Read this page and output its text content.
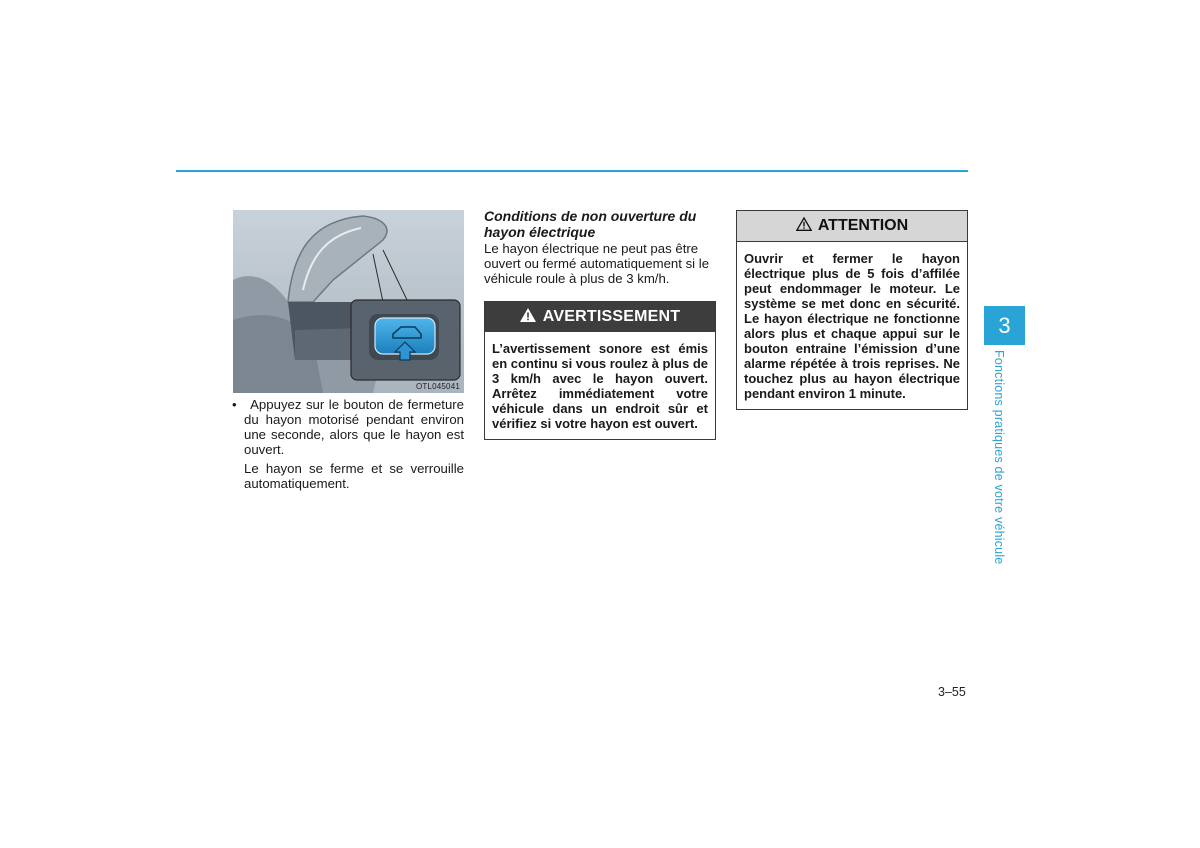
OTL045041

•   Appuyez sur le bouton de fermeture du hayon motorisé pendant environ une seconde, alors que le hayon est ouvert.

Le hayon se ferme et se verrouille automatiquement.

Conditions de non ouverture du hayon électrique

Le hayon électrique ne peut pas être ouvert ou fermé automatiquement si le véhicule roule à plus de 3 km/h.

AVERTISSEMENT
L’avertissement sonore est émis en continu si vous roulez à plus de 3 km/h avec le hayon ouvert. Arrêtez immédiatement votre véhicule dans un endroit sûr et vérifiez si votre hayon est ouvert.
ATTENTION
Ouvrir et fermer le hayon électrique plus de 5 fois d’affilée peut endommager le moteur. Le système se met donc en sécurité. Le hayon électrique ne fonctionne alors plus et chaque appui sur le bouton entraine l’émission d’une alarme répétée à trois reprises. Ne touchez plus au hayon électrique pendant environ 1 minute.
3
Fonctions pratiques de votre véhicule
3–55
